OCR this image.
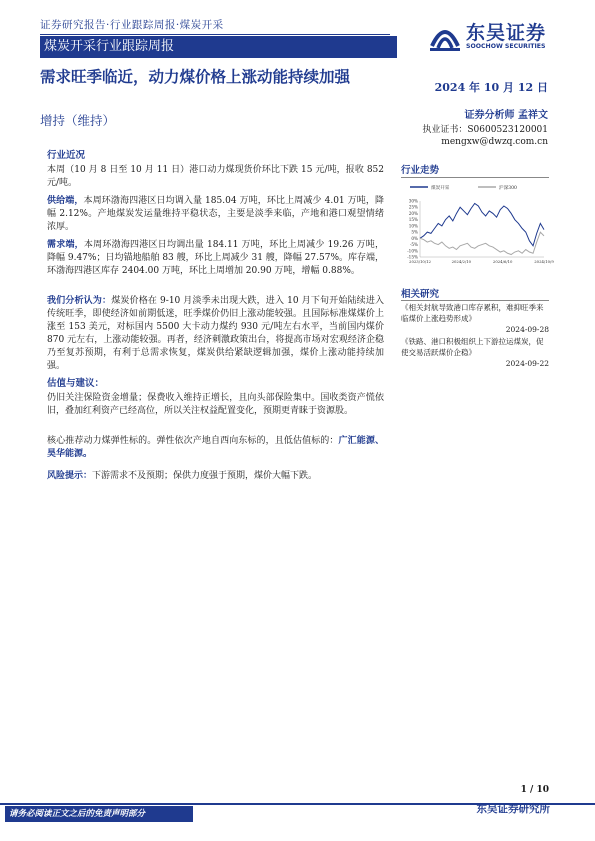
证券研究报告·行业跟踪周报·煤炭开采
煤炭开采行业跟踪周报
东吴证券
SOOCHOW SECURITIES
需求旺季临近，动力煤价格上涨动能持续加强
增持（维持）
2024 年 10 月 12 日
证券分析师 孟祥文
执业证书：S0600523120001
mengxw@dwzq.com.cn
行业近况

本周（10 月 8 日至 10 月 11 日）港口动力煤现货价环比下跌 15 元/吨，报收 852 元/吨。

供给端，本周环渤海四港区日均调入量 185.04 万吨，环比上周减少 4.01 万吨，降幅 2.12%。产地煤炭发运量维持平稳状态，主要是淡季来临，产地和港口观望情绪浓厚。

需求端，本周环渤海四港区日均调出量 184.11 万吨，环比上周减少 19.26 万吨，降幅 9.47%；日均锚地船舶 83 艘，环比上周减少 31 艘，降幅 27.57%。库存端，环渤海四港区库存 2404.00 万吨，环比上周增加 20.90 万吨，增幅 0.88%。

我们分析认为：煤炭价格在 9-10 月淡季未出现大跌，进入 10 月下旬开始陆续进入传统旺季，即使经济如前期低迷，旺季煤价仍旧上涨动能较强。且国际标准煤煤价上涨至 153 美元，对标国内 5500 大卡动力煤约 930 元/吨左右水平，当前国内煤价 870 元左右，上涨动能较强。再者，经济刺激政策出台，将提高市场对宏观经济企稳乃至复苏预期，有利于总需求恢复，煤炭供给紧缺逻辑加强，煤价上涨动能持续加强。

估值与建议：

仍旧关注保险资金增量；保费收入维持正增长，且向头部保险集中。国收类资产慌依旧，叠加红利资产已经高位，所以关注权益配置变化，预期更青睐于资源股。

核心推荐动力煤弹性标的。弹性依次产地自西向东标的，且低估值标的：广汇能源、昊华能源。

风险提示：下游需求不及预期；保供力度强于预期，煤价大幅下跌。

行业走势
煤炭开采	沪深300
30%
25%
20%
15%
10%
5%
0%
-5%
-10%
-15%
2023/10/12	2024/2/10	2024/6/10	2024/10/9
相关研究
《相关封航导致港口库存累积，难抑旺季来临煤价上涨趋势形成》
2024-09-28
《铁路、港口积极组织上下游拉运煤炭，促使交易活跃煤价企稳》
2024-09-22
1 / 10
请务必阅读正文之后的免责声明部分	东吴证券研究所
